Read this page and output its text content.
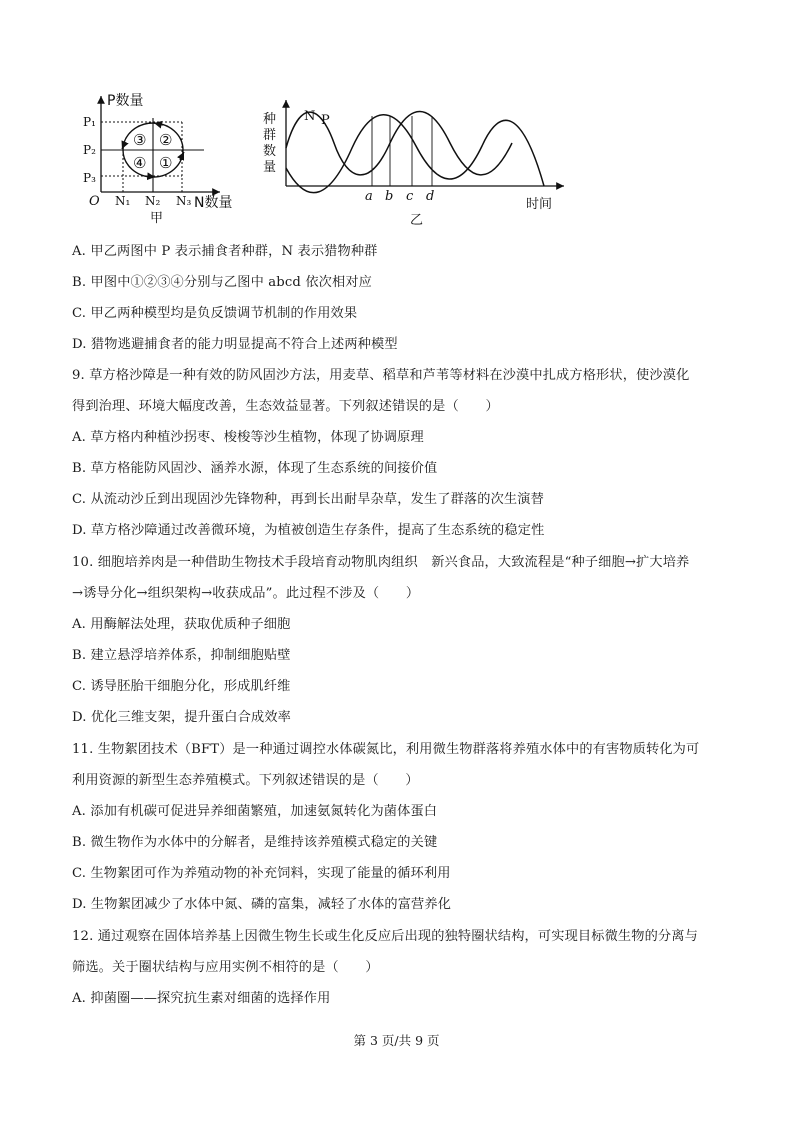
P数量
P₁
P₂
P₃
O N₁ N₂ N₃ N数量
③ ②
④ ①
甲
种
群
数
量
N P
a b c d
乙
时间
A. 甲乙两图中 P 表示捕食者种群，N 表示猎物种群
B. 甲图中①②③④分别与乙图中 abcd 依次相对应
C. 甲乙两种模型均是负反馈调节机制的作用效果
D. 猎物逃避捕食者的能力明显提高不符合上述两种模型
9. 草方格沙障是一种有效的防风固沙方法，用麦草、稻草和芦苇等材料在沙漠中扎成方格形状，使沙漠化
得到治理、环境大幅度改善，生态效益显著。下列叙述错误的是（　　）
A. 草方格内种植沙拐枣、梭梭等沙生植物，体现了协调原理
B. 草方格能防风固沙、涵养水源，体现了生态系统的间接价值
C. 从流动沙丘到出现固沙先锋物种，再到长出耐旱杂草，发生了群落的次生演替
D. 草方格沙障通过改善微环境，为植被创造生存条件，提高了生态系统的稳定性
10. 细胞培养肉是一种借助生物技术手段培育动物肌肉组织　新兴食品，大致流程是“种子细胞→扩大培养
→诱导分化→组织架构→收获成品”。此过程不涉及（　　）
A. 用酶解法处理，获取优质种子细胞
B. 建立悬浮培养体系，抑制细胞贴壁
C. 诱导胚胎干细胞分化，形成肌纤维
D. 优化三维支架，提升蛋白合成效率
11. 生物絮团技术（BFT）是一种通过调控水体碳氮比，利用微生物群落将养殖水体中的有害物质转化为可
利用资源的新型生态养殖模式。下列叙述错误的是（　　）
A. 添加有机碳可促进异养细菌繁殖，加速氨氮转化为菌体蛋白
B. 微生物作为水体中的分解者，是维持该养殖模式稳定的关键
C. 生物絮团可作为养殖动物的补充饲料，实现了能量的循环利用
D. 生物絮团减少了水体中氮、磷的富集，减轻了水体的富营养化
12. 通过观察在固体培养基上因微生物生长或生化反应后出现的独特圈状结构，可实现目标微生物的分离与
筛选。关于圈状结构与应用实例不相符的是（　　）
A. 抑菌圈——探究抗生素对细菌的选择作用
第 3 页/共 9 页
